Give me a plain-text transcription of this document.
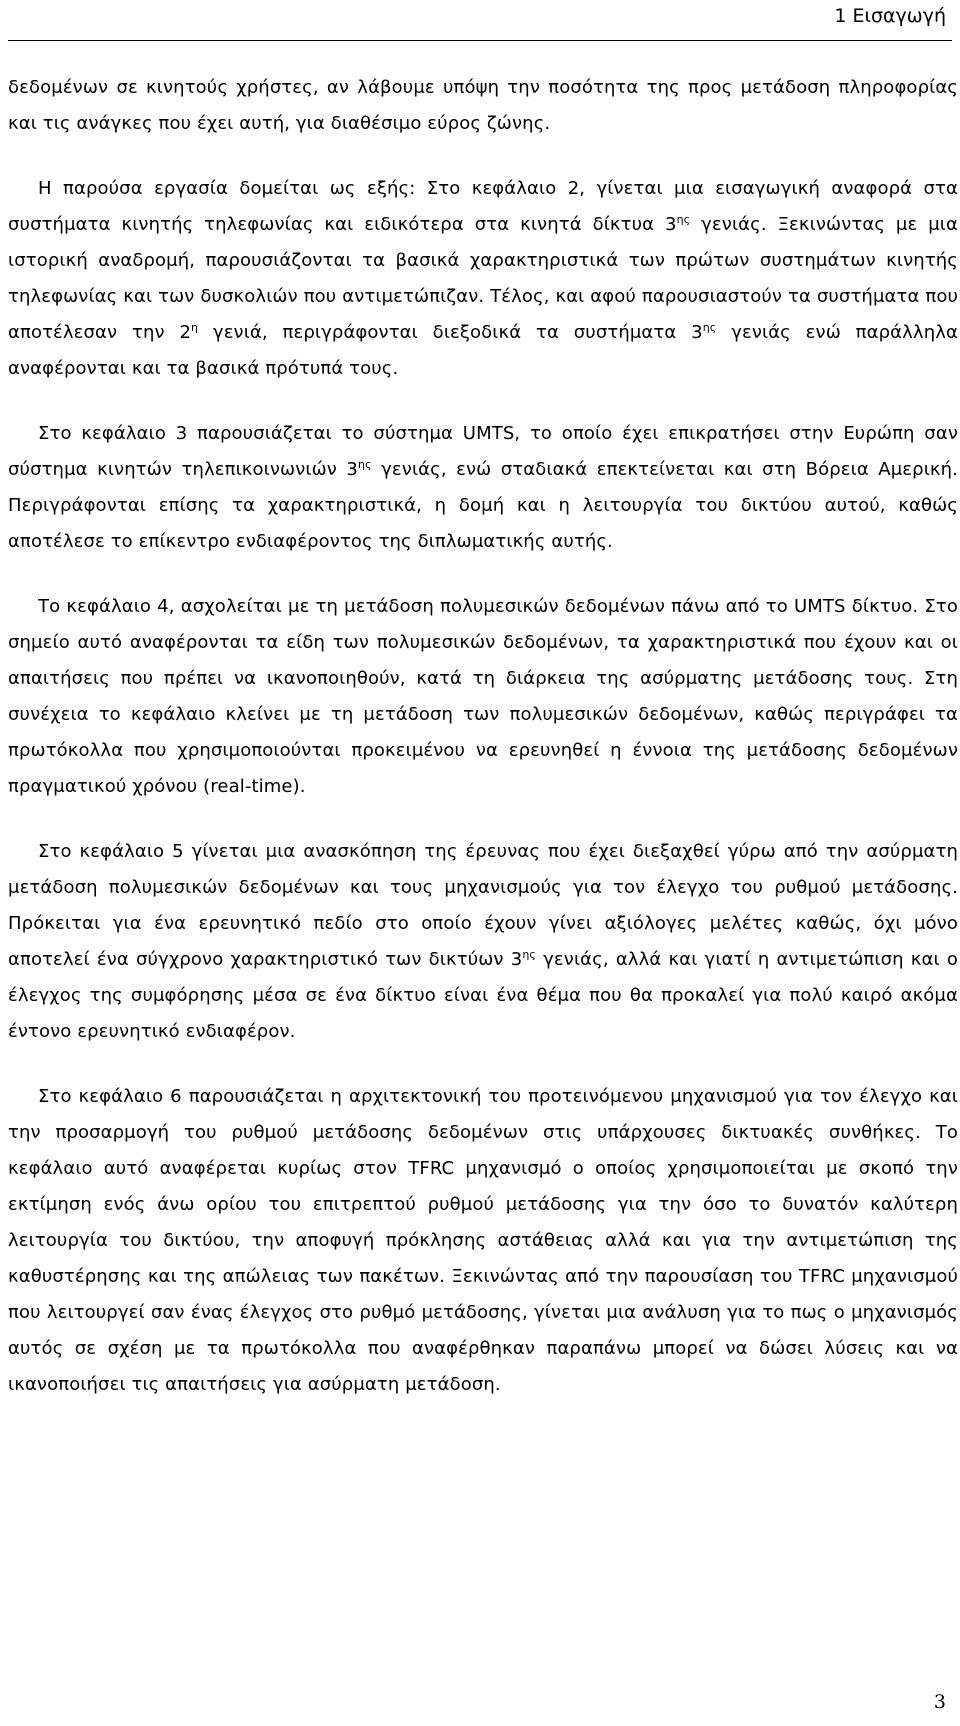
1 Εισαγωγή

δεδομένων σε κινητούς χρήστες, αν λάβουμε υπόψη την ποσότητα της προς μετάδοση πληροφορίας και τις ανάγκες που έχει αυτή, για διαθέσιμο εύρος ζώνης.

Η παρούσα εργασία δομείται ως εξής: Στο κεφάλαιο 2, γίνεται μια εισαγωγική αναφορά στα συστήματα κινητής τηλεφωνίας και ειδικότερα στα κινητά δίκτυα $3^{\eta\varsigma}$ γενιάς. Ξεκινώντας με μια ιστορική αναδρομή, παρουσιάζονται τα βασικά χαρακτηριστικά των πρώτων συστημάτων κινητής τηλεφωνίας και των δυσκολιών που αντιμετώπιζαν. Τέλος, και αφού παρουσιαστούν τα συστήματα που αποτέλεσαν την $2^\eta$ γενιά, περιγράφονται διεξοδικά τα συστήματα $3^{\eta\varsigma}$ γενιάς ενώ παράλληλα αναφέρονται και τα βασικά πρότυπά τους.

Στο κεφάλαιο 3 παρουσιάζεται το σύστημα UMTS, το οποίο έχει επικρατήσει στην Ευρώπη σαν σύστημα κινητών τηλεπικοινωνιών $3^{\eta\varsigma}$ γενιάς, ενώ σταδιακά επεκτείνεται και στη Βόρεια Αμερική. Περιγράφονται επίσης τα χαρακτηριστικά, η δομή και η λειτουργία του δικτύου αυτού, καθώς αποτέλεσε το επίκεντρο ενδιαφέροντος της διπλωματικής αυτής.

Το κεφάλαιο 4, ασχολείται με τη μετάδοση πολυμεσικών δεδομένων πάνω από το UMTS δίκτυο. Στο σημείο αυτό αναφέρονται τα είδη των πολυμεσικών δεδομένων, τα χαρακτηριστικά που έχουν και οι απαιτήσεις που πρέπει να ικανοποιηθούν, κατά τη διάρκεια της ασύρματης μετάδοσης τους. Στη συνέχεια το κεφάλαιο κλείνει με τη μετάδοση των πολυμεσικών δεδομένων, καθώς περιγράφει τα πρωτόκολλα που χρησιμοποιούνται προκειμένου να ερευνηθεί η έννοια της μετάδοσης δεδομένων πραγματικού χρόνου (real-time).

Στο κεφάλαιο 5 γίνεται μια ανασκόπηση της έρευνας που έχει διεξαχθεί γύρω από την ασύρματη μετάδοση πολυμεσικών δεδομένων και τους μηχανισμούς για τον έλεγχο του ρυθμού μετάδοσης. Πρόκειται για ένα ερευνητικό πεδίο στο οποίο έχουν γίνει αξιόλογες μελέτες καθώς, όχι μόνο αποτελεί ένα σύγχρονο χαρακτηριστικό των δικτύων $3^{\eta\varsigma}$ γενιάς, αλλά και γιατί η αντιμετώπιση και ο έλεγχος της συμφόρησης μέσα σε ένα δίκτυο είναι ένα θέμα που θα προκαλεί για πολύ καιρό ακόμα έντονο ερευνητικό ενδιαφέρον.

Στο κεφάλαιο 6 παρουσιάζεται η αρχιτεκτονική του προτεινόμενου μηχανισμού για τον έλεγχο και την προσαρμογή του ρυθμού μετάδοσης δεδομένων στις υπάρχουσες δικτυακές συνθήκες. Το κεφάλαιο αυτό αναφέρεται κυρίως στον TFRC μηχανισμό ο οποίος χρησιμοποιείται με σκοπό την εκτίμηση ενός άνω ορίου του επιτρεπτού ρυθμού μετάδοσης για την όσο το δυνατόν καλύτερη λειτουργία του δικτύου, την αποφυγή πρόκλησης αστάθειας αλλά και για την αντιμετώπιση της καθυστέρησης και της απώλειας των πακέτων. Ξεκινώντας από την παρουσίαση του TFRC μηχανισμού που λειτουργεί σαν ένας έλεγχος στο ρυθμό μετάδοσης, γίνεται μια ανάλυση για το πως ο μηχανισμός αυτός σε σχέση με τα πρωτόκολλα που αναφέρθηκαν παραπάνω μπορεί να δώσει λύσεις και να ικανοποιήσει τις απαιτήσεις για ασύρματη μετάδοση.

3
